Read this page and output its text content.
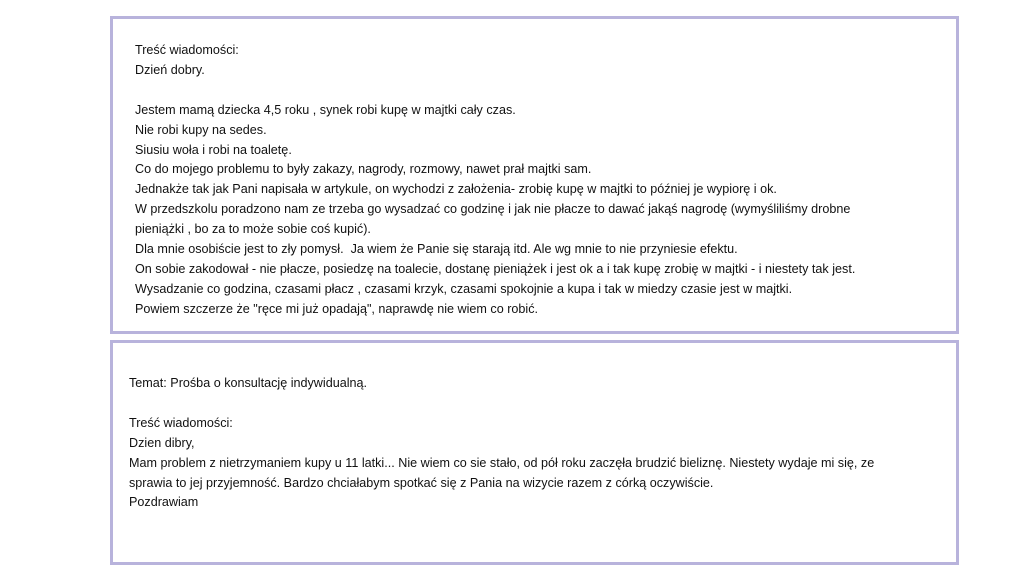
Treść wiadomości:
Dzień dobry.
Jestem mamą dziecka 4,5 roku , synek robi kupę w majtki cały czas.
Nie robi kupy na sedes.
Siusiu woła i robi na toaletę.
Co do mojego problemu to były zakazy, nagrody, rozmowy, nawet prał majtki sam.
Jednakże tak jak Pani napisała w artykule, on wychodzi z założenia- zrobię kupę w majtki to później je wypiorę i ok.
W przedszkolu poradzono nam ze trzeba go wysadzać co godzinę i jak nie płacze to dawać jakąś nagrodę (wymyśliliśmy drobne
pieniążki , bo za to może sobie coś kupić).
Dla mnie osobiście jest to zły pomysł.  Ja wiem że Panie się starają itd. Ale wg mnie to nie przyniesie efektu.
On sobie zakodował - nie płacze, posiedzę na toalecie, dostanę pieniążek i jest ok a i tak kupę zrobię w majtki - i niestety tak jest.
Wysadzanie co godzina, czasami płacz , czasami krzyk, czasami spokojnie a kupa i tak w miedzy czasie jest w majtki.
Powiem szczerze że "ręce mi już opadają", naprawdę nie wiem co robić.
Temat: Prośba o konsultację indywidualną.
Treść wiadomości:
Dzien dibry,
Mam problem z nietrzymaniem kupy u 11 latki... Nie wiem co sie stało, od pół roku zaczęła brudzić bieliznę. Niestety wydaje mi się, ze
sprawia to jej przyjemność. Bardzo chciałabym spotkać się z Pania na wizycie razem z córką oczywiście.
Pozdrawiam
